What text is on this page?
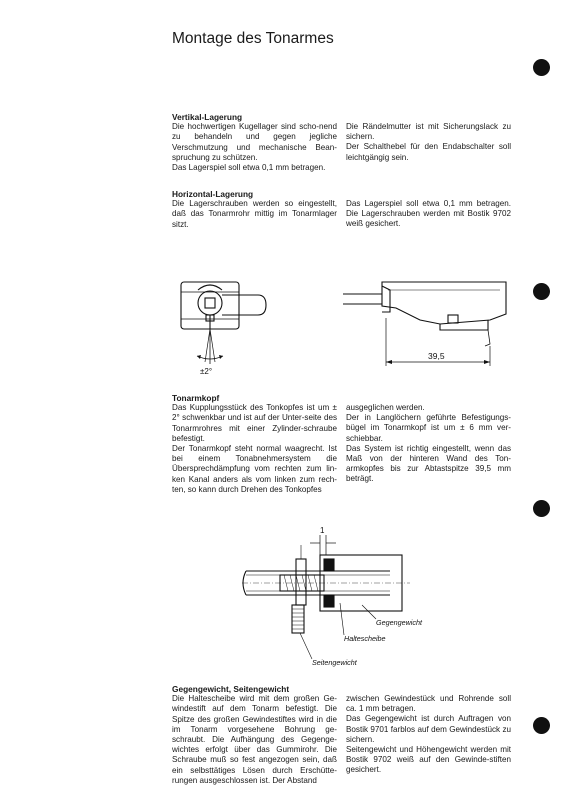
Montage des Tonarmes

Vertikal-Lagerung

Die hochwertigen Kugellager sind scho-nend zu behandeln und gegen jegliche Verschmutzung und mechanische Bean-spruchung zu schützen.

Das Lagerspiel soll etwa 0,1 mm betragen.

Die Rändelmutter ist mit Sicherungslack zu sichern.

Der Schalthebel für den Endabschalter soll leichtgängig sein.

Horizontal-Lagerung

Die Lagerschrauben werden so eingestellt, daß das Tonarmrohr mittig im Tonarmlager sitzt.

Das Lagerspiel soll etwa 0,1 mm betragen. Die Lagerschrauben werden mit Bostik 9702 weiß gesichert.

±2°
39,5

Tonarmkopf

Das Kupplungsstück des Tonkopfes ist um ± 2° schwenkbar und ist auf der Unter-seite des Tonarmrohres mit einer Zylinder-schraube befestigt.

Der Tonarmkopf steht normal waagrecht. Ist bei einem Tonabnehmersystem die Übersprechdämpfung vom rechten zum lin-ken Kanal anders als vom linken zum rech-ten, so kann durch Drehen des Tonkopfes

ausgeglichen werden.

Der in Langlöchern geführte Befestigungs-bügel im Tonarmkopf ist um ± 6 mm ver-schiebbar.

Das System ist richtig eingestellt, wenn das Maß von der hinteren Wand des Ton-armkopfes bis zur Abtastspitze 39,5 mm beträgt.

1
Gegengewicht
Haltescheibe
Seitengewicht

Gegengewicht, Seitengewicht

Die Haltescheibe wird mit dem großen Ge-windestift auf dem Tonarm befestigt. Die Spitze des großen Gewindestiftes wird in die im Tonarm vorgesehene Bohrung ge-schraubt. Die Aufhängung des Gegenge-wichtes erfolgt über das Gummirohr. Die Schraube muß so fest angezogen sein, daß ein selbsttätiges Lösen durch Erschütte-rungen ausgeschlossen ist. Der Abstand

zwischen Gewindestück und Rohrende soll ca. 1 mm betragen.

Das Gegengewicht ist durch Auftragen von Bostik 9701 farblos auf dem Gewindestück zu sichern.

Seitengewicht und Höhengewicht werden mit Bostik 9702 weiß auf den Gewinde-stiften gesichert.
